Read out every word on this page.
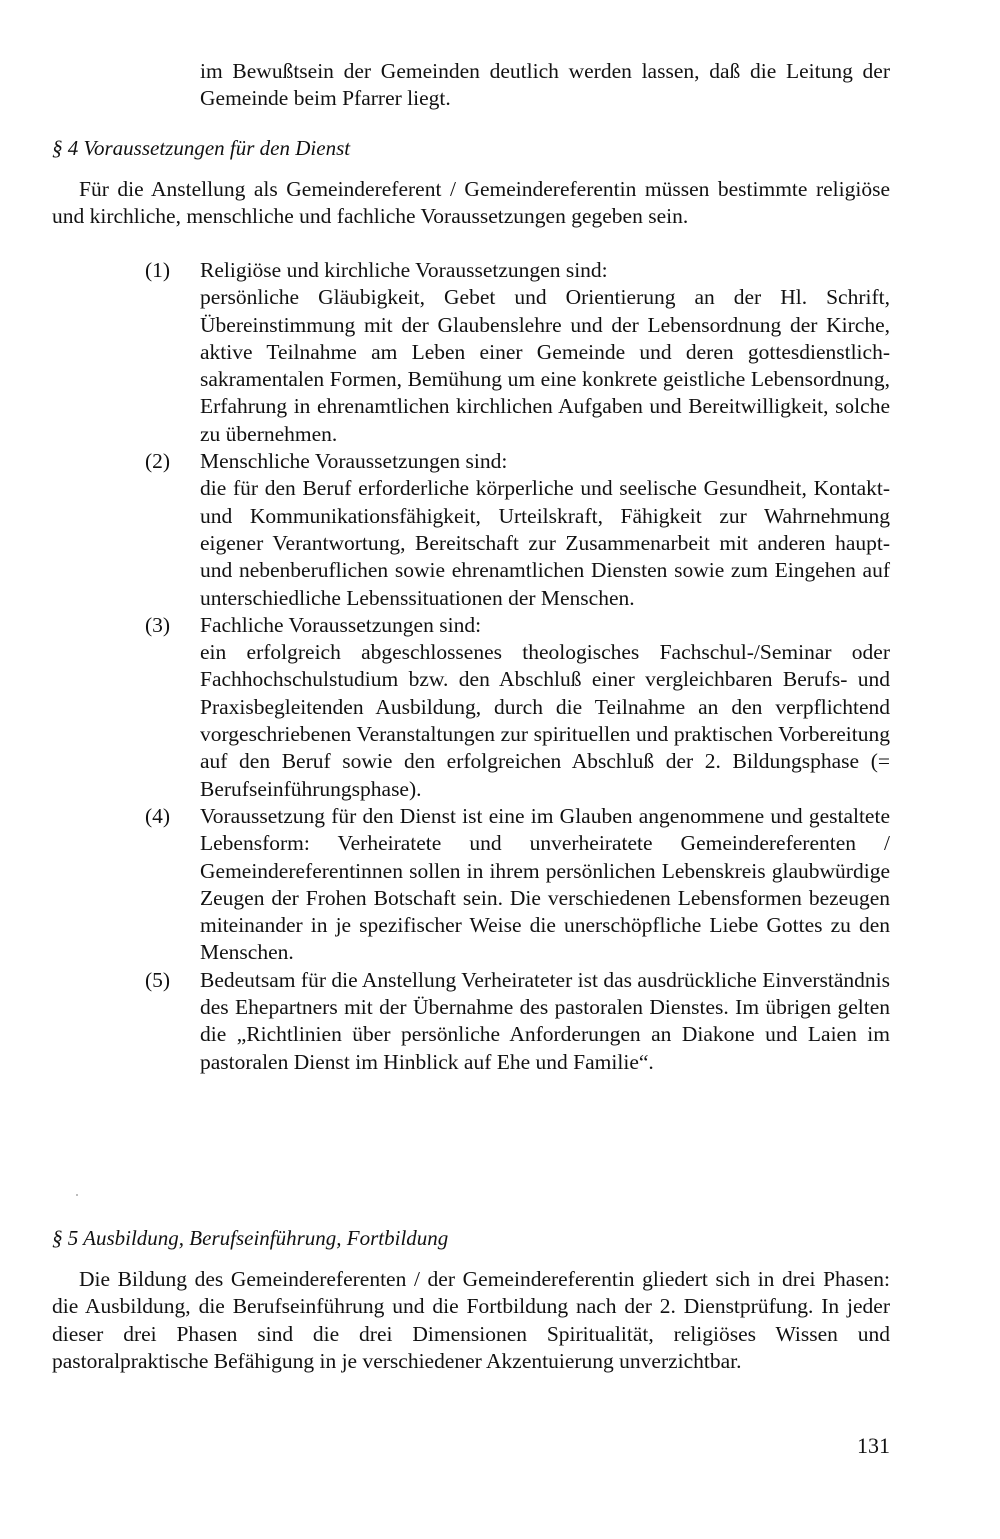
im Bewußtsein der Gemeinden deutlich werden lassen, daß die Leitung der Gemeinde beim Pfarrer liegt.

§ 4 Voraussetzungen für den Dienst

Für die Anstellung als Gemeindereferent / Gemeindereferentin müssen bestimmte religiöse und kirchliche, menschliche und fachliche Voraussetzungen gegeben sein.

(1) Religiöse und kirchliche Voraussetzungen sind:
persönliche Gläubigkeit, Gebet und Orientierung an der Hl. Schrift, Übereinstimmung mit der Glaubenslehre und der Lebensordnung der Kirche, aktive Teilnahme am Leben einer Gemeinde und deren gottesdienstlich-sakramentalen Formen, Bemühung um eine konkrete geistliche Lebensordnung, Erfahrung in ehrenamtlichen kirchlichen Aufgaben und Bereitwilligkeit, solche zu übernehmen.
(2) Menschliche Voraussetzungen sind:
die für den Beruf erforderliche körperliche und seelische Gesundheit, Kontakt- und Kommunikationsfähigkeit, Urteilskraft, Fähigkeit zur Wahrnehmung eigener Verantwortung, Bereitschaft zur Zusammenarbeit mit anderen haupt- und nebenberuflichen sowie ehrenamtlichen Diensten sowie zum Eingehen auf unterschiedliche Lebenssituationen der Menschen.
(3) Fachliche Voraussetzungen sind:
ein erfolgreich abgeschlossenes theologisches Fachschul-/Seminar oder Fachhochschulstudium bzw. den Abschluß einer vergleichbaren Berufs- und Praxisbegleitenden Ausbildung, durch die Teilnahme an den verpflichtend vorgeschriebenen Veranstaltungen zur spirituellen und praktischen Vorbereitung auf den Beruf sowie den erfolgreichen Abschluß der 2. Bildungsphase (= Berufseinführungsphase).
(4) Voraussetzung für den Dienst ist eine im Glauben angenommene und gestaltete Lebensform: Verheiratete und unverheiratete Gemeindereferenten / Gemeindereferentinnen sollen in ihrem persönlichen Lebenskreis glaubwürdige Zeugen der Frohen Botschaft sein. Die verschiedenen Lebensformen bezeugen miteinander in je spezifischer Weise die unerschöpfliche Liebe Gottes zu den Menschen.
(5) Bedeutsam für die Anstellung Verheirateter ist das ausdrückliche Einverständnis des Ehepartners mit der Übernahme des pastoralen Dienstes. Im übrigen gelten die „Richtlinien über persönliche Anforderungen an Diakone und Laien im pastoralen Dienst im Hinblick auf Ehe und Familie“.
§ 5 Ausbildung, Berufseinführung, Fortbildung

Die Bildung des Gemeindereferenten / der Gemeindereferentin gliedert sich in drei Phasen: die Ausbildung, die Berufseinführung und die Fortbildung nach der 2. Dienstprüfung. In jeder dieser drei Phasen sind die drei Dimensionen Spiritualität, religiöses Wissen und pastoralpraktische Befähigung in je verschiedener Akzentuierung unverzichtbar.

131
